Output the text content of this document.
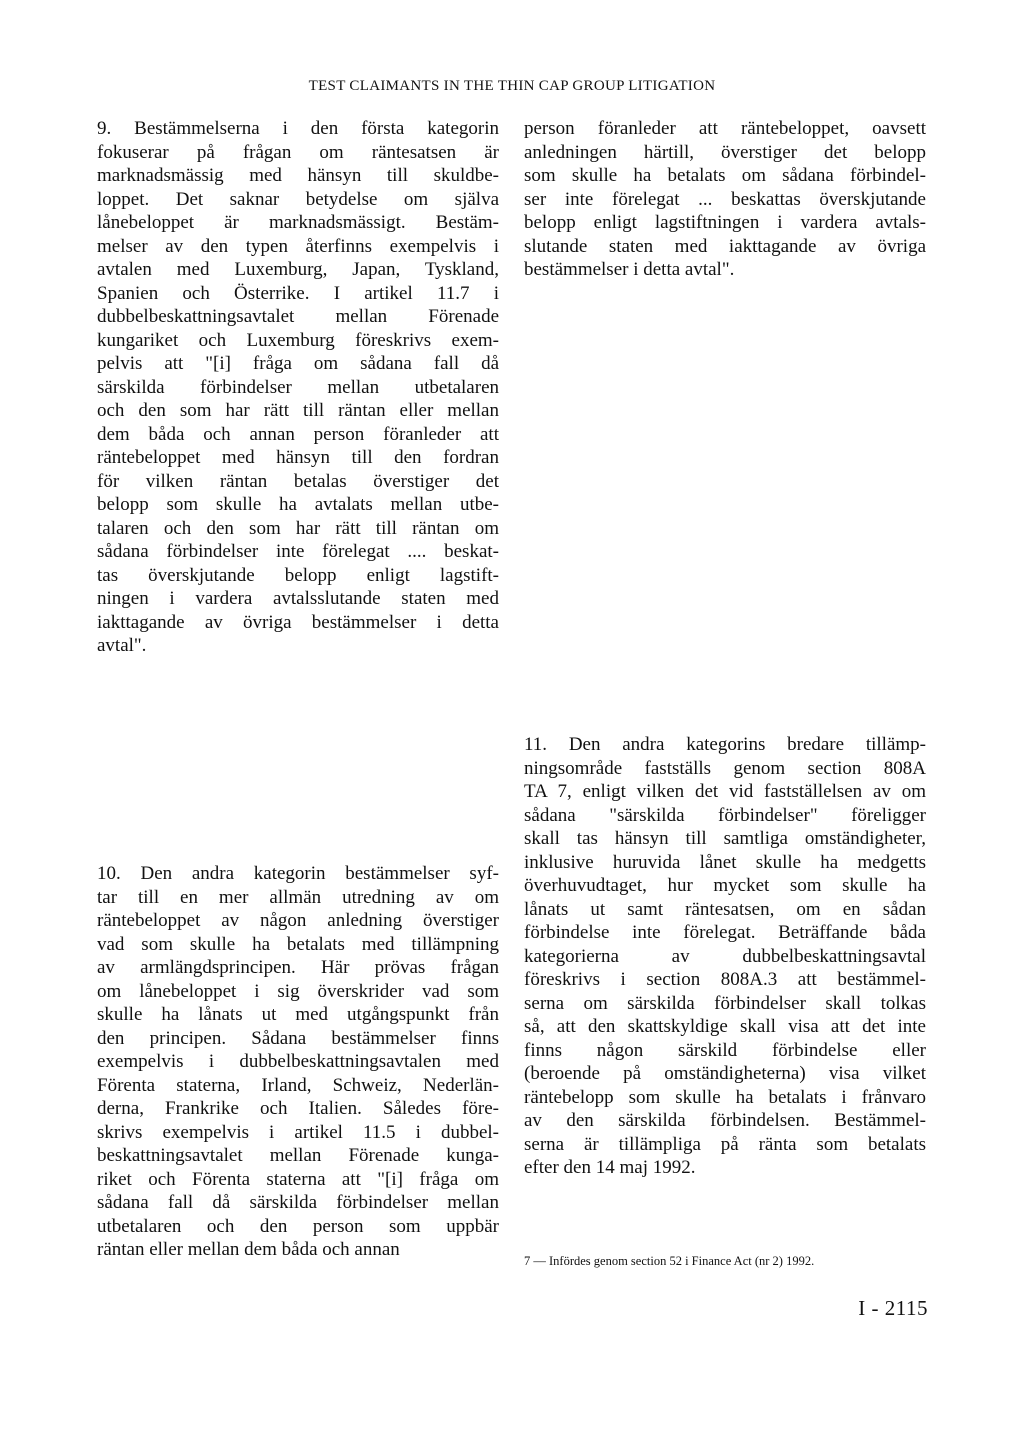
TEST CLAIMANTS IN THE THIN CAP GROUP LITIGATION
9. Bestämmelserna i den första kategorin
fokuserar på frågan om räntesatsen är
marknadsmässig med hänsyn till skuldbe-
loppet. Det saknar betydelse om själva
lånebeloppet är marknadsmässigt. Bestäm-
melser av den typen återfinns exempelvis i
avtalen med Luxemburg, Japan, Tyskland,
Spanien och Österrike. I artikel 11.7 i
dubbelbeskattningsavtalet mellan Förenade
kungariket och Luxemburg föreskrivs exem-
pelvis att "[i] fråga om sådana fall då
särskilda förbindelser mellan utbetalaren
och den som har rätt till räntan eller mellan
dem båda och annan person föranleder att
räntebeloppet med hänsyn till den fordran
för vilken räntan betalas överstiger det
belopp som skulle ha avtalats mellan utbe-
talaren och den som har rätt till räntan om
sådana förbindelser inte förelegat .... beskat-
tas överskjutande belopp enligt lagstift-
ningen i vardera avtalsslutande staten med
iakttagande av övriga bestämmelser i detta
avtal".
person föranleder att räntebeloppet, oavsett
anledningen härtill, överstiger det belopp
som skulle ha betalats om sådana förbindel-
ser inte förelegat ... beskattas överskjutande
belopp enligt lagstiftningen i vardera avtals-
slutande staten med iakttagande av övriga
bestämmelser i detta avtal".
10. Den andra kategorin bestämmelser syf-
tar till en mer allmän utredning av om
räntebeloppet av någon anledning överstiger
vad som skulle ha betalats med tillämpning
av armlängdsprincipen. Här prövas frågan
om lånebeloppet i sig överskrider vad som
skulle ha lånats ut med utgångspunkt från
den principen. Sådana bestämmelser finns
exempelvis i dubbelbeskattningsavtalen med
Förenta staterna, Irland, Schweiz, Nederlän-
derna, Frankrike och Italien. Således före-
skrivs exempelvis i artikel 11.5 i dubbel-
beskattningsavtalet mellan Förenade kunga-
riket och Förenta staterna att "[i] fråga om
sådana fall då särskilda förbindelser mellan
utbetalaren och den person som uppbär
räntan eller mellan dem båda och annan
11. Den andra kategorins bredare tillämp-
ningsområde fastställs genom section 808A
TA 7, enligt vilken det vid fastställelsen av om
sådana "särskilda förbindelser" föreligger
skall tas hänsyn till samtliga omständigheter,
inklusive huruvida lånet skulle ha medgetts
överhuvudtaget, hur mycket som skulle ha
lånats ut samt räntesatsen, om en sådan
förbindelse inte förelegat. Beträffande båda
kategorierna av dubbelbeskattningsavtal
föreskrivs i section 808A.3 att bestämmel-
serna om särskilda förbindelser skall tolkas
så, att den skattskyldige skall visa att det inte
finns någon särskild förbindelse eller
(beroende på omständigheterna) visa vilket
räntebelopp som skulle ha betalats i frånvaro
av den särskilda förbindelsen. Bestämmel-
serna är tillämpliga på ränta som betalats
efter den 14 maj 1992.
7 — Infördes genom section 52 i Finance Act (nr 2) 1992.
I - 2115
